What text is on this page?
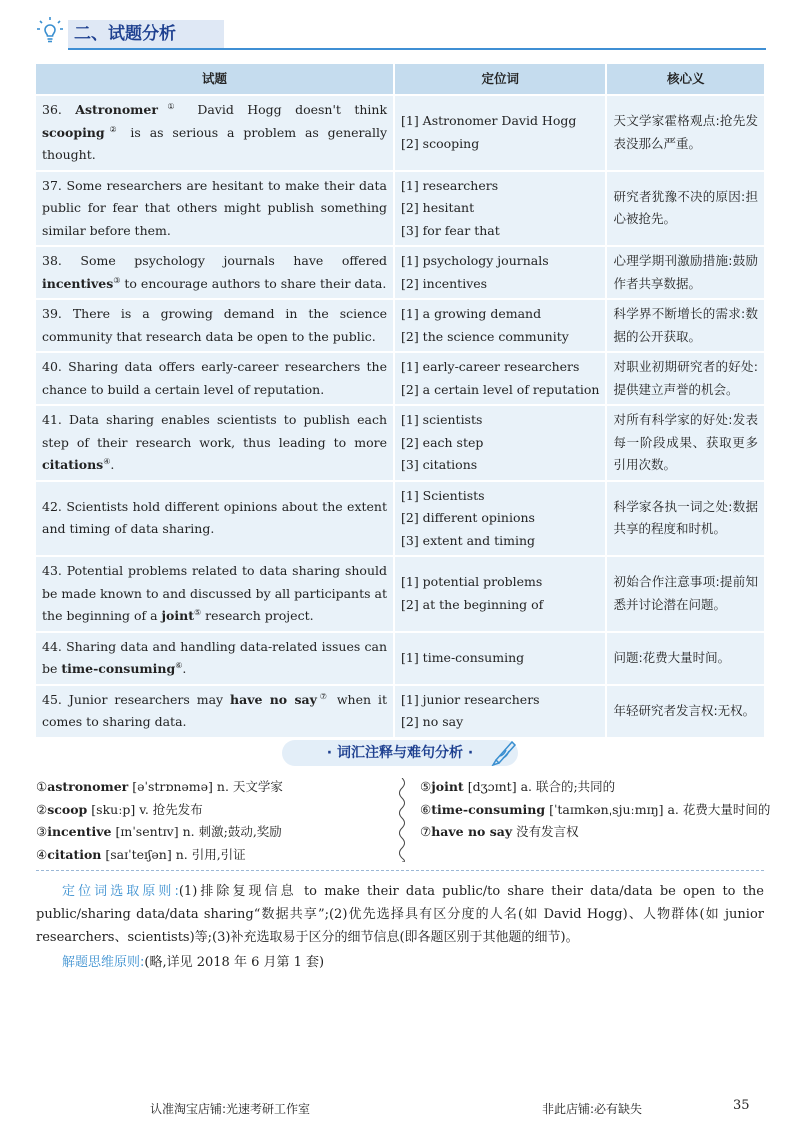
二、试题分析
试题	定位词	核心义
36. Astronomer① David Hogg doesn't think scooping② is as serious a problem as generally thought.	[1] Astronomer David Hogg
[2] scooping	天文学家霍格观点:抢先发表没那么严重。
37. Some researchers are hesitant to make their data public for fear that others might publish something similar before them.	[1] researchers
[2] hesitant
[3] for fear that	研究者犹豫不决的原因:担心被抢先。
38. Some psychology journals have offered incentives③ to encourage authors to share their data.	[1] psychology journals
[2] incentives	心理学期刊激励措施:鼓励作者共享数据。
39. There is a growing demand in the science community that research data be open to the public.	[1] a growing demand
[2] the science community	科学界不断增长的需求:数据的公开获取。
40. Sharing data offers early-career researchers the chance to build a certain level of reputation.	[1] early-career researchers
[2] a certain level of reputation	对职业初期研究者的好处:提供建立声誉的机会。
41. Data sharing enables scientists to publish each step of their research work, thus leading to more citations④.	[1] scientists
[2] each step
[3] citations	对所有科学家的好处:发表每一阶段成果、获取更多引用次数。
42. Scientists hold different opinions about the extent and timing of data sharing.	[1] Scientists
[2] different opinions
[3] extent and timing	科学家各执一词之处:数据共享的程度和时机。
43. Potential problems related to data sharing should be made known to and discussed by all participants at the beginning of a joint⑤ research project.	[1] potential problems
[2] at the beginning of	初始合作注意事项:提前知悉并讨论潜在问题。
44. Sharing data and handling data-related issues can be time-consuming⑥.	[1] time-consuming	问题:花费大量时间。
45. Junior researchers may have no say⑦ when it comes to sharing data.	[1] junior researchers
[2] no say	年轻研究者发言权:无权。
· 词汇注释与难句分析 ·
①astronomer [əˈstrɒnəmə] n. 天文学家
②scoop [skuːp] v. 抢先发布
③incentive [ɪnˈsentɪv] n. 刺激;鼓动,奖励
④citation [saɪˈteɪʃən] n. 引用,引证
⑤joint [dʒɔɪnt] a. 联合的;共同的
⑥time-consuming [ˈtaɪmkənˌsjuːmɪŋ] a. 花费大量时间的
⑦have no say 没有发言权

定位词选取原则:(1)排除复现信息 to make their data public/to share their data/data be open to the public/sharing data/data sharing“数据共享”;(2)优先选择具有区分度的人名(如 David Hogg)、人物群体(如 junior researchers、scientists)等;(3)补充选取易于区分的细节信息(即各题区别于其他题的细节)。

解题思维原则:(略,详见 2018 年 6 月第 1 套)

认准淘宝店铺:光速考研工作室	非此店铺:必有缺失	35
